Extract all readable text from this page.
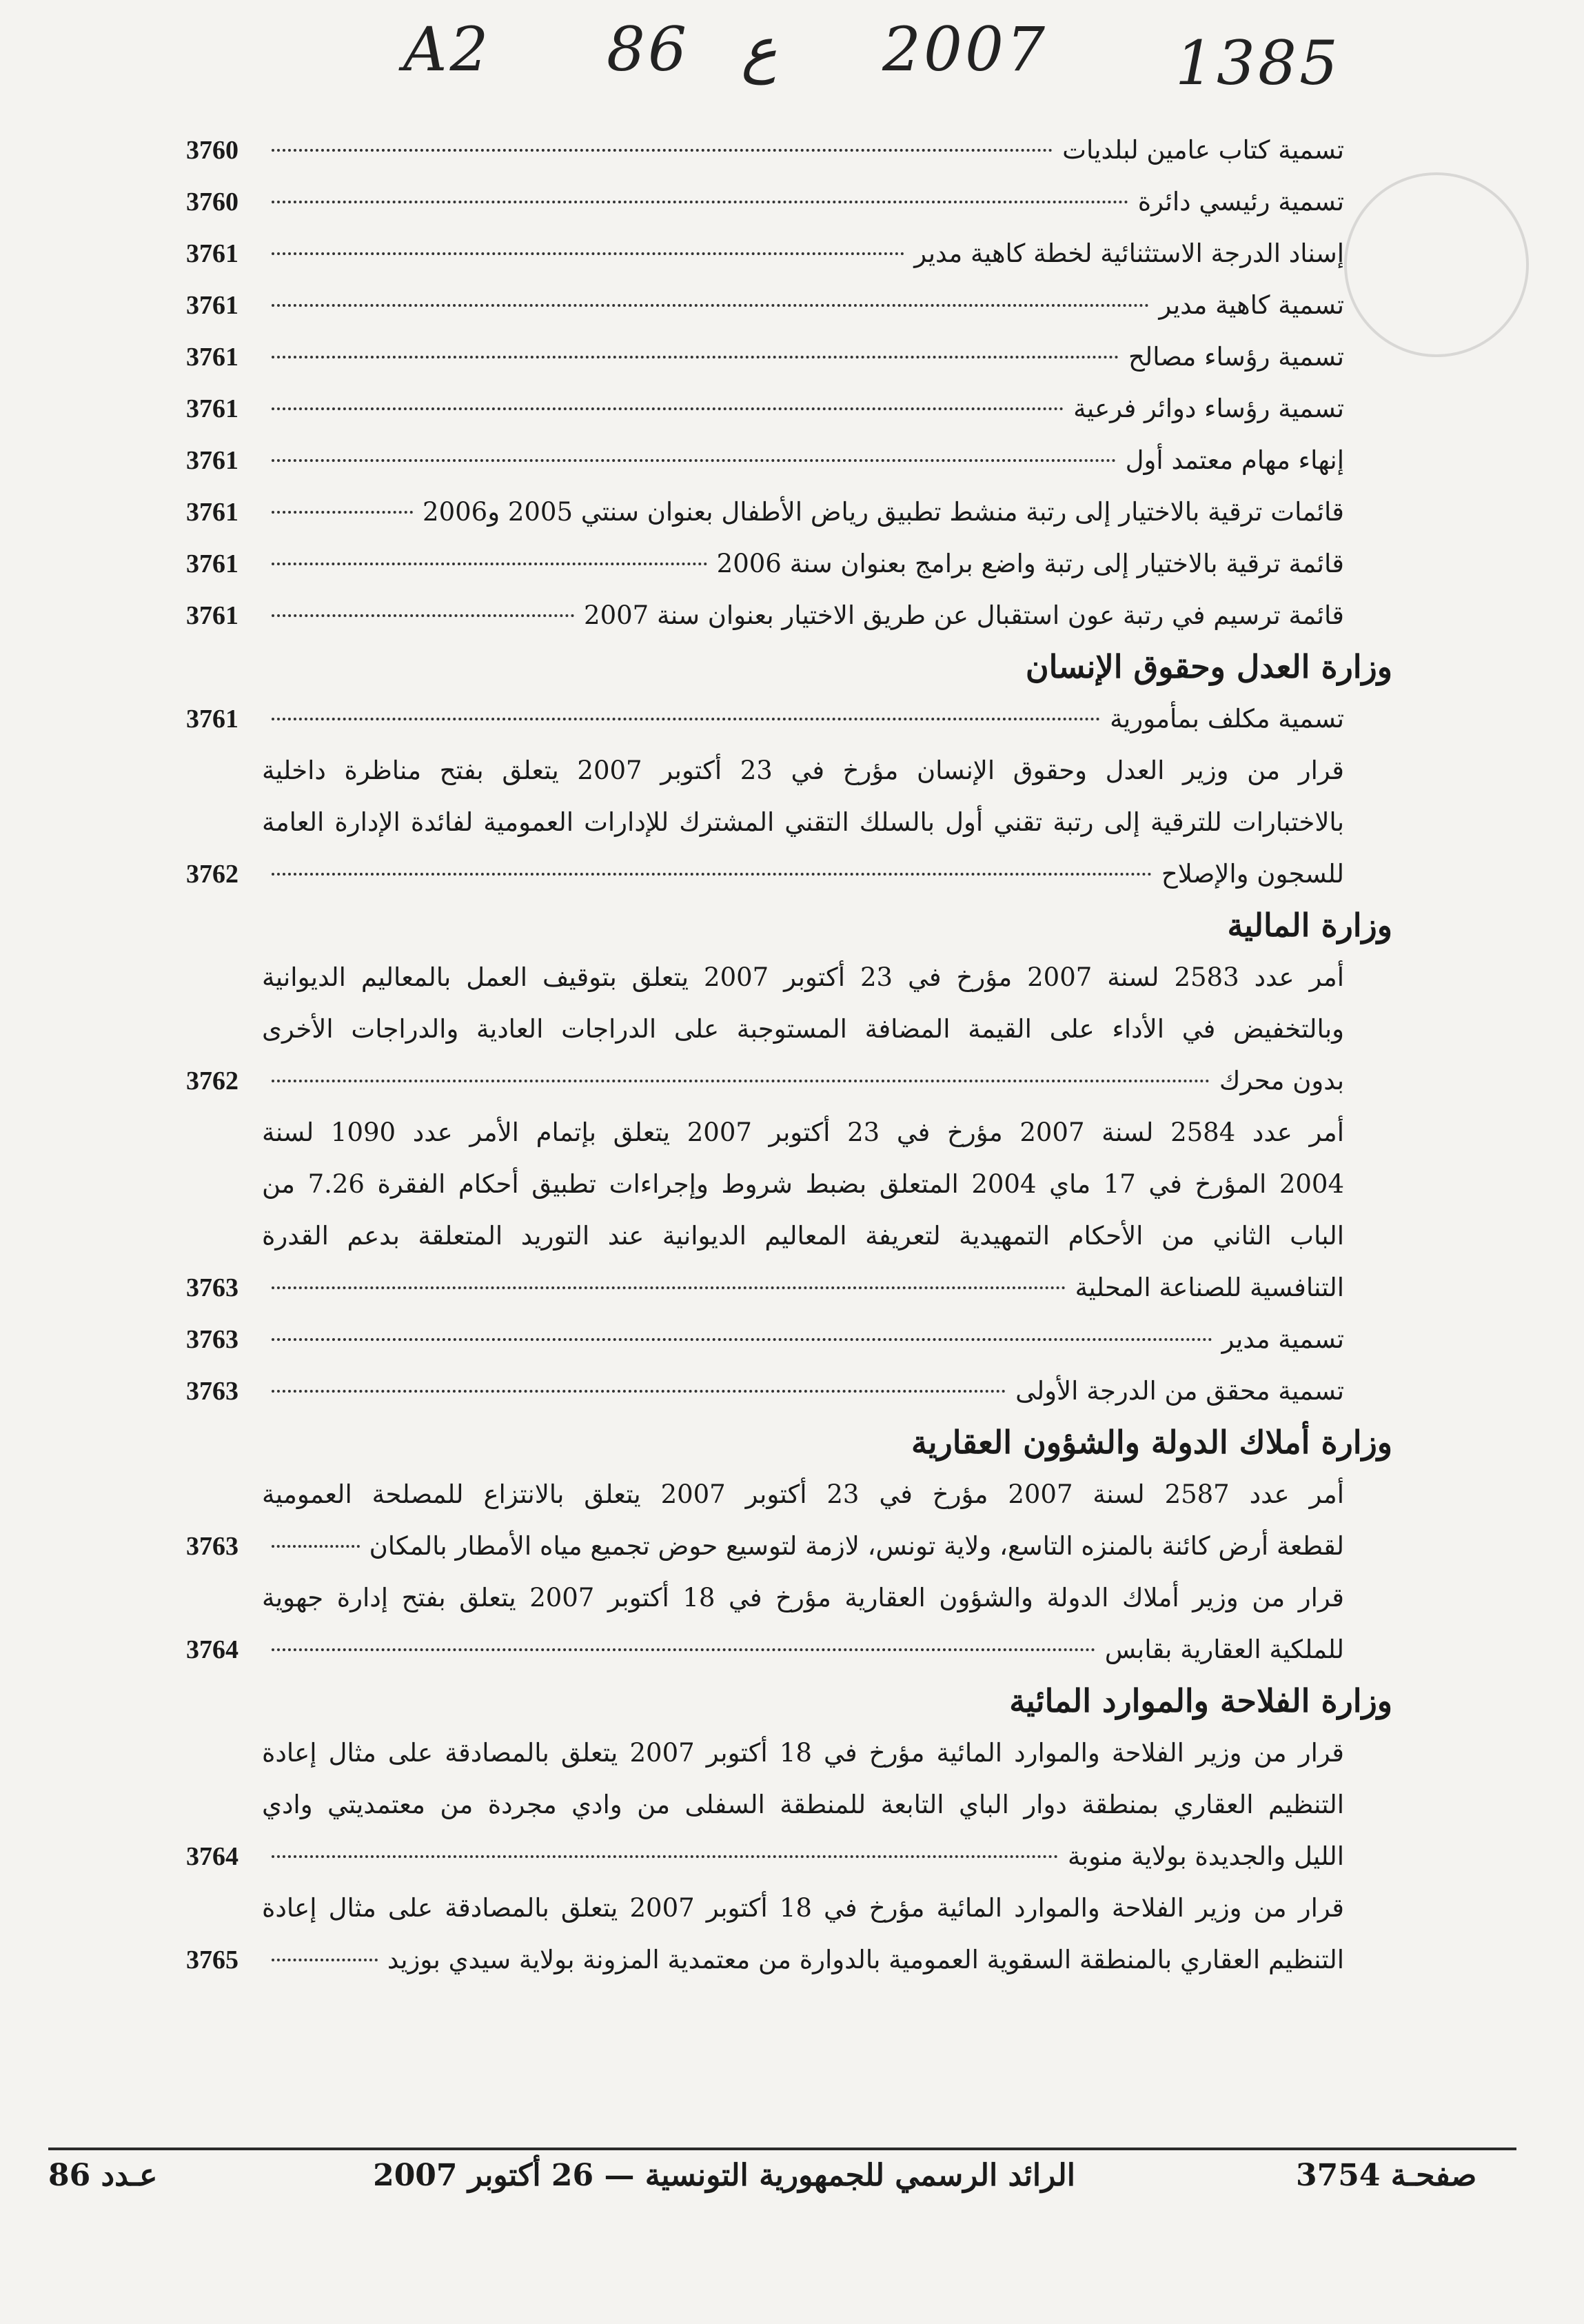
A2 86 ع 2007 1385
تسمية كتاب عامين لبلديات
3760
تسمية رئيسي دائرة
3760
إسناد الدرجة الاستثنائية لخطة كاهية مدير
3761
تسمية كاهية مدير
3761
تسمية رؤساء مصالح
3761
تسمية رؤساء دوائر فرعية
3761
إنهاء مهام معتمد أول
3761
قائمات ترقية بالاختيار إلى رتبة منشط تطبيق رياض الأطفال بعنوان سنتي 2005 و2006
3761
قائمة ترقية بالاختيار إلى رتبة واضع برامج بعنوان سنة 2006
3761
قائمة ترسيم في رتبة عون استقبال عن طريق الاختيار بعنوان سنة 2007
3761
وزارة العدل وحقوق الإنسان
تسمية مكلف بمأمورية
3761
قرار من وزير العدل وحقوق الإنسان مؤرخ في 23 أكتوبر 2007 يتعلق بفتح مناظرة داخلية
بالاختبارات للترقية إلى رتبة تقني أول بالسلك التقني المشترك للإدارات العمومية لفائدة الإدارة العامة
للسجون والإصلاح
3762
وزارة المالية
أمر عدد 2583 لسنة 2007 مؤرخ في 23 أكتوبر 2007 يتعلق بتوقيف العمل بالمعاليم الديوانية
وبالتخفيض في الأداء على القيمة المضافة المستوجبة على الدراجات العادية والدراجات الأخرى
بدون محرك
3762
أمر عدد 2584 لسنة 2007 مؤرخ في 23 أكتوبر 2007 يتعلق بإتمام الأمر عدد 1090 لسنة
2004 المؤرخ في 17 ماي 2004 المتعلق بضبط شروط وإجراءات تطبيق أحكام الفقرة 7.26 من
الباب الثاني من الأحكام التمهيدية لتعريفة المعاليم الديوانية عند التوريد المتعلقة بدعم القدرة
التنافسية للصناعة المحلية
3763
تسمية مدير
3763
تسمية محقق من الدرجة الأولى
3763
وزارة أملاك الدولة والشؤون العقارية
أمر عدد 2587 لسنة 2007 مؤرخ في 23 أكتوبر 2007 يتعلق بالانتزاع للمصلحة العمومية
لقطعة أرض كائنة بالمنزه التاسع، ولاية تونس، لازمة لتوسيع حوض تجميع مياه الأمطار بالمكان
3763
قرار من وزير أملاك الدولة والشؤون العقارية مؤرخ في 18 أكتوبر 2007 يتعلق بفتح إدارة جهوية
للملكية العقارية بقابس
3764
وزارة الفلاحة والموارد المائية
قرار من وزير الفلاحة والموارد المائية مؤرخ في 18 أكتوبر 2007 يتعلق بالمصادقة على مثال إعادة
التنظيم العقاري بمنطقة دوار الباي التابعة للمنطقة السفلى من وادي مجردة من معتمديتي وادي
الليل والجديدة بولاية منوبة
3764
قرار من وزير الفلاحة والموارد المائية مؤرخ في 18 أكتوبر 2007 يتعلق بالمصادقة على مثال إعادة
التنظيم العقاري بالمنطقة السقوية العمومية بالدوارة من معتمدية المزونة بولاية سيدي بوزيد
3765
عـدد 86	الرائد الرسمي للجمهورية التونسية — 26 أكتوبر 2007	صفحـة 3754
